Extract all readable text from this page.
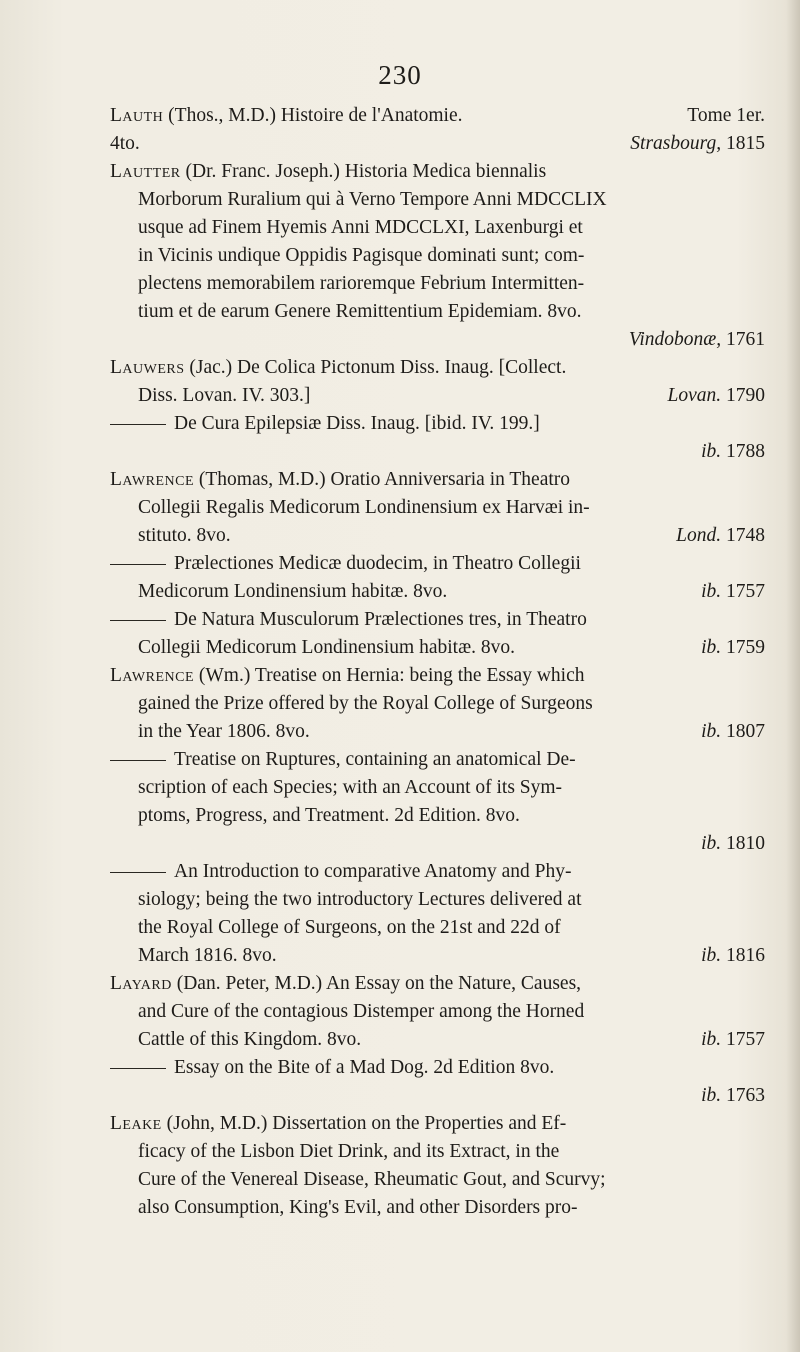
230
Lauth (Thos., M.D.) Histoire de l'Anatomie.	Tome 1er.
4to.	Strasbourg, 1815
Lautter (Dr. Franc. Joseph.) Historia Medica biennalis
Morborum Ruralium qui à Verno Tempore Anni MDCCLIX
usque ad Finem Hyemis Anni MDCCLXI, Laxenburgi et
in Vicinis undique Oppidis Pagisque dominati sunt; com-
plectens memorabilem rarioremque Febrium Intermitten-
tium et de earum Genere Remittentium Epidemiam. 8vo.
Vindobonæ, 1761
Lauwers (Jac.) De Colica Pictonum Diss. Inaug. [Collect.
Diss. Lovan. IV. 303.]	Lovan. 1790
De Cura Epilepsiæ Diss. Inaug. [ibid. IV. 199.]
ib. 1788
Lawrence (Thomas, M.D.) Oratio Anniversaria in Theatro
Collegii Regalis Medicorum Londinensium ex Harvæi in-
stituto. 8vo.	Lond. 1748
Prælectiones Medicæ duodecim, in Theatro Collegii
Medicorum Londinensium habitæ. 8vo.	ib. 1757
De Natura Musculorum Prælectiones tres, in Theatro
Collegii Medicorum Londinensium habitæ. 8vo.	ib. 1759
Lawrence (Wm.) Treatise on Hernia: being the Essay which
gained the Prize offered by the Royal College of Surgeons
in the Year 1806. 8vo.	ib. 1807
Treatise on Ruptures, containing an anatomical De-
scription of each Species; with an Account of its Sym-
ptoms, Progress, and Treatment. 2d Edition. 8vo.
ib. 1810
An Introduction to comparative Anatomy and Phy-
siology; being the two introductory Lectures delivered at
the Royal College of Surgeons, on the 21st and 22d of
March 1816. 8vo.	ib. 1816
Layard (Dan. Peter, M.D.) An Essay on the Nature, Causes,
and Cure of the contagious Distemper among the Horned
Cattle of this Kingdom. 8vo.	ib. 1757
Essay on the Bite of a Mad Dog. 2d Edition 8vo.
ib. 1763
Leake (John, M.D.) Dissertation on the Properties and Ef-
ficacy of the Lisbon Diet Drink, and its Extract, in the
Cure of the Venereal Disease, Rheumatic Gout, and Scurvy;
also Consumption, King's Evil, and other Disorders pro-
